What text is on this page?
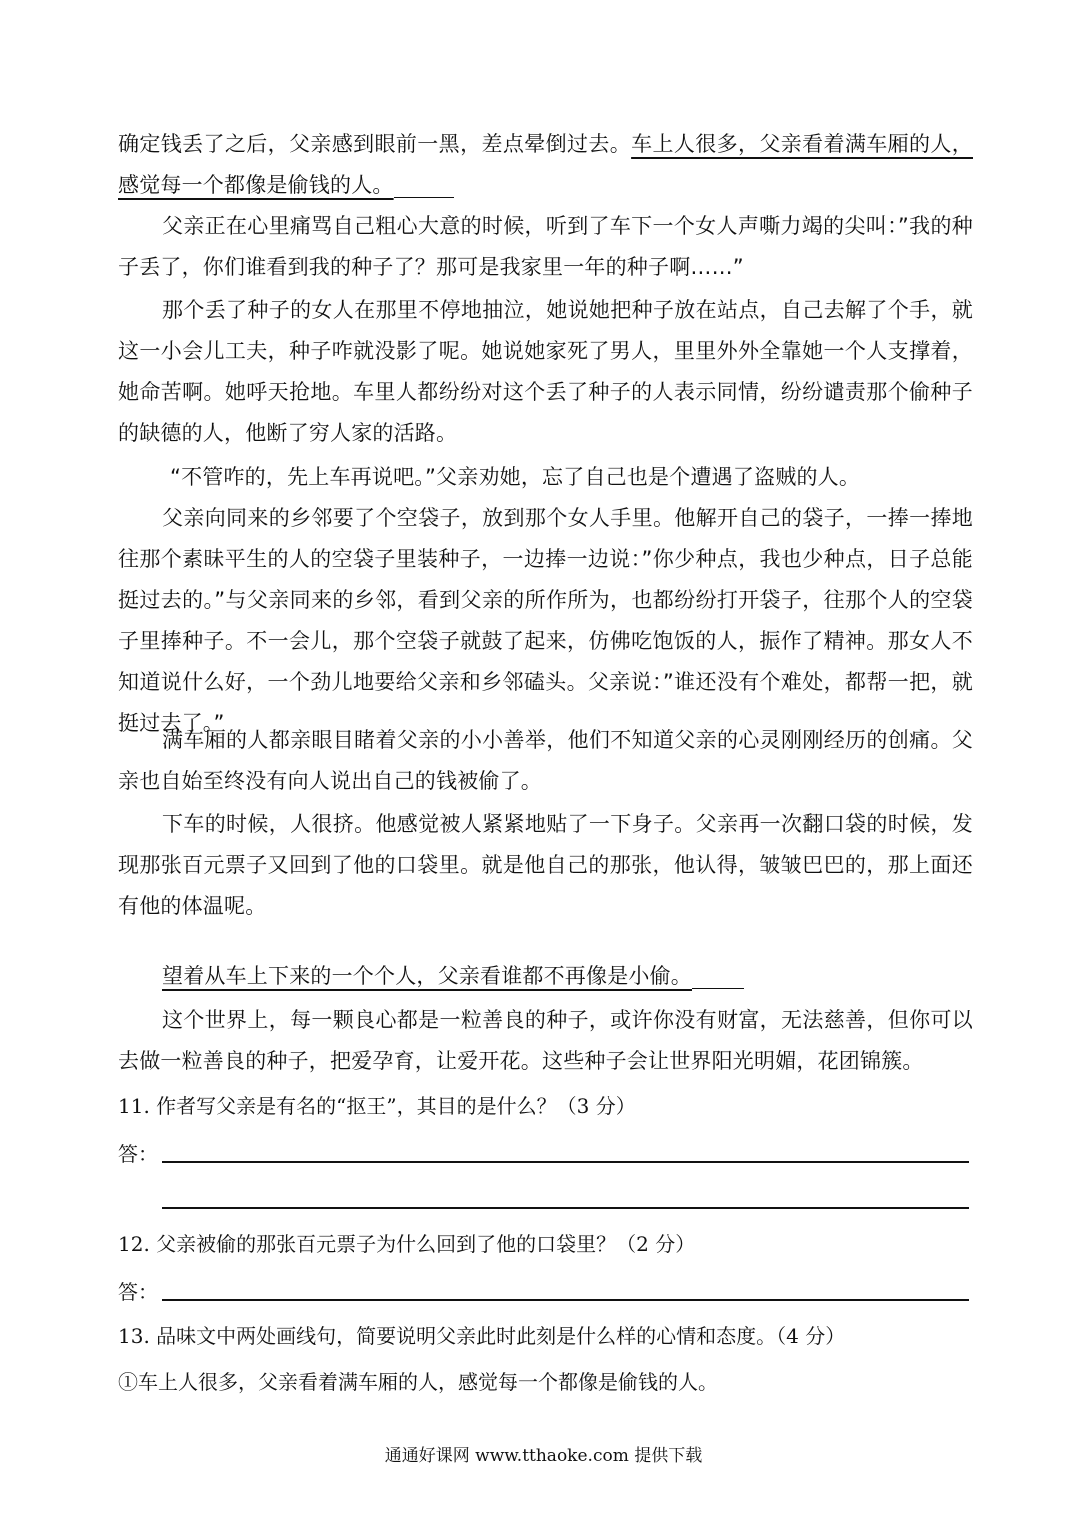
确定钱丢了之后，父亲感到眼前一黑，差点晕倒过去。车上人很多，父亲看着满车厢的人，感觉每一个都像是偷钱的人。

父亲正在心里痛骂自己粗心大意的时候，听到了车下一个女人声嘶力竭的尖叫：”我的种子丢了，你们谁看到我的种子了？那可是我家里一年的种子啊……”

那个丢了种子的女人在那里不停地抽泣，她说她把种子放在站点，自己去解了个手，就这一小会儿工夫，种子咋就没影了呢。她说她家死了男人，里里外外全靠她一个人支撑着，她命苦啊。她呼天抢地。车里人都纷纷对这个丢了种子的人表示同情，纷纷谴责那个偷种子的缺德的人，他断了穷人家的活路。

“不管咋的，先上车再说吧。”父亲劝她，忘了自己也是个遭遇了盗贼的人。

父亲向同来的乡邻要了个空袋子，放到那个女人手里。他解开自己的袋子，一捧一捧地往那个素昧平生的人的空袋子里装种子，一边捧一边说：”你少种点，我也少种点，日子总能挺过去的。”与父亲同来的乡邻，看到父亲的所作所为，也都纷纷打开袋子，往那个人的空袋子里捧种子。不一会儿，那个空袋子就鼓了起来，仿佛吃饱饭的人，振作了精神。那女人不知道说什么好，一个劲儿地要给父亲和乡邻磕头。父亲说：”谁还没有个难处，都帮一把，就挺过去了。”

满车厢的人都亲眼目睹着父亲的小小善举，他们不知道父亲的心灵刚刚经历的创痛。父亲也自始至终没有向人说出自己的钱被偷了。

下车的时候，人很挤。他感觉被人紧紧地贴了一下身子。父亲再一次翻口袋的时候，发现那张百元票子又回到了他的口袋里。就是他自己的那张，他认得，皱皱巴巴的，那上面还有他的体温呢。

望着从车上下来的一个个人，父亲看谁都不再像是小偷。

这个世界上，每一颗良心都是一粒善良的种子，或许你没有财富，无法慈善，但你可以去做一粒善良的种子，把爱孕育，让爱开花。这些种子会让世界阳光明媚，花团锦簇。

11. 作者写父亲是有名的“抠王”，其目的是什么？（3 分）

答：

12. 父亲被偷的那张百元票子为什么回到了他的口袋里？（2 分）

答：

13. 品味文中两处画线句，简要说明父亲此时此刻是什么样的心情和态度。（4 分）

①车上人很多，父亲看着满车厢的人，感觉每一个都像是偷钱的人。

通通好课网 www.tthaoke.com 提供下载
